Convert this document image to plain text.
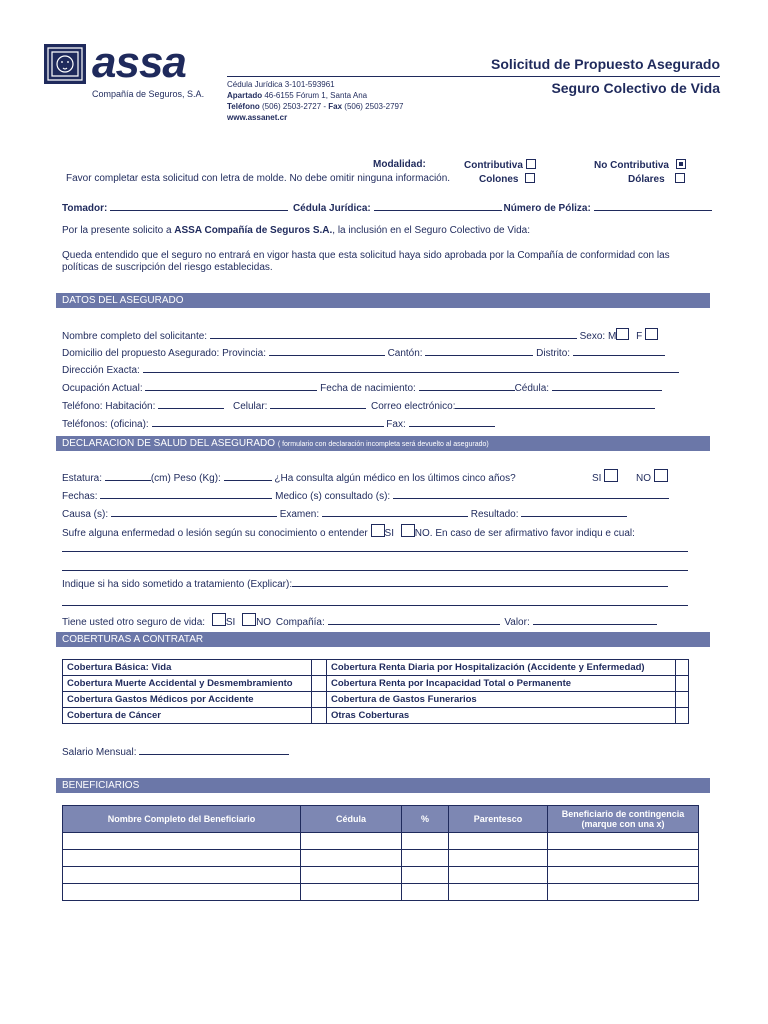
assa
Compañía de Seguros, S.A.
Cédula Jurídica 3-101-593961
Apartado 46-6155 Fórum 1, Santa Ana
Teléfono (506) 2503-2727 - Fax (506) 2503-2797
www.assanet.cr
Solicitud de Propuesto Asegurado
Seguro Colectivo de Vida
Modalidad:	Contributiva	No Contributiva
Favor completar esta solicitud con letra de molde. No debe omitir ninguna información.	Colones	Dólares
Tomador:	Cédula Jurídica:	Número de Póliza:
Por la presente solicito a ASSA Compañía de Seguros S.A., la inclusión en el Seguro Colectivo de Vida:
Queda entendido que el seguro no entrará en vigor hasta que esta solicitud haya sido aprobada por la Compañía de conformidad con las
políticas de suscripción del riesgo establecidas.
DATOS DEL ASEGURADO
Nombre completo del solicitante:	Sexo: M F
Domicilio del propuesto Asegurado: Provincia:	Cantón:	Distrito:
Dirección Exacta:
Ocupación Actual:	Fecha de nacimiento:	Cédula:
Teléfono: Habitación:	Celular:	Correo electrónico:
Teléfonos: (oficina):	Fax:
DECLARACION DE SALUD DEL ASEGURADO ( formulario con declaración incompleta será devuelto al asegurado)
Estatura:	(cm) Peso (Kg):	¿Ha consulta algún médico en los últimos cinco años?	SI	NO
Fechas:	Medico (s) consultado (s):
Causa (s):	Examen:	Resultado:
Sufre alguna enfermedad o lesión según su conocimiento o entender SI NO. En caso de ser afirmativo favor indiqu e cual:
Indique si ha sido sometido a tratamiento (Explicar):
Tiene usted otro seguro de vida: SI NO Compañía:	Valor:
COBERTURAS A CONTRATAR
Cobertura Básica: Vida		Cobertura Renta Diaria por Hospitalización (Accidente y Enfermedad)	
Cobertura Muerte Accidental y Desmembramiento		Cobertura Renta por Incapacidad Total o Permanente	
Cobertura Gastos Médicos por Accidente		Cobertura de Gastos Funerarios	
Cobertura de Cáncer		Otras Coberturas	
Salario Mensual:
BENEFICIARIOS
Nombre Completo del Beneficiario	Cédula	%	Parentesco	Beneficiario de contingencia (marque con una x)
